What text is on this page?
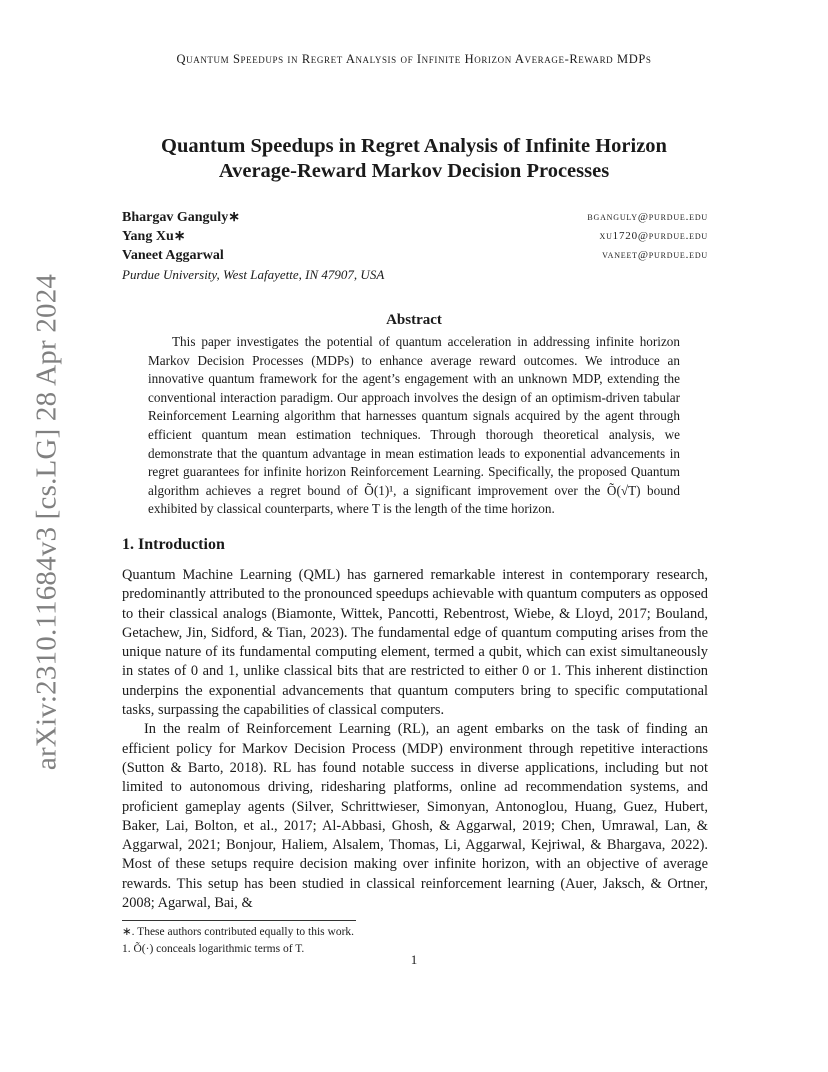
Quantum Speedups in Regret Analysis of Infinite Horizon Average-Reward MDPs
arXiv:2310.11684v3 [cs.LG] 28 Apr 2024
Quantum Speedups in Regret Analysis of Infinite Horizon
Average-Reward Markov Decision Processes
Bhargav Ganguly∗	bganguly@purdue.edu
Yang Xu∗	xu1720@purdue.edu
Vaneet Aggarwal	vaneet@purdue.edu
Purdue University, West Lafayette, IN 47907, USA
Abstract
This paper investigates the potential of quantum acceleration in addressing infinite horizon Markov Decision Processes (MDPs) to enhance average reward outcomes. We introduce an innovative quantum framework for the agent’s engagement with an unknown MDP, extending the conventional interaction paradigm. Our approach involves the design of an optimism-driven tabular Reinforcement Learning algorithm that harnesses quantum signals acquired by the agent through efficient quantum mean estimation techniques. Through thorough theoretical analysis, we demonstrate that the quantum advantage in mean estimation leads to exponential advancements in regret guarantees for infinite horizon Reinforcement Learning. Specifically, the proposed Quantum algorithm achieves a regret bound of Õ(1)¹, a significant improvement over the Õ(√T) bound exhibited by classical counterparts, where T is the length of the time horizon.
1. Introduction

Quantum Machine Learning (QML) has garnered remarkable interest in contemporary research, predominantly attributed to the pronounced speedups achievable with quantum computers as opposed to their classical analogs (Biamonte, Wittek, Pancotti, Rebentrost, Wiebe, & Lloyd, 2017; Bouland, Getachew, Jin, Sidford, & Tian, 2023). The fundamental edge of quantum computing arises from the unique nature of its fundamental computing element, termed a qubit, which can exist simultaneously in states of 0 and 1, unlike classical bits that are restricted to either 0 or 1. This inherent distinction underpins the exponential advancements that quantum computers bring to specific computational tasks, surpassing the capabilities of classical computers.

In the realm of Reinforcement Learning (RL), an agent embarks on the task of finding an efficient policy for Markov Decision Process (MDP) environment through repetitive interactions (Sutton & Barto, 2018). RL has found notable success in diverse applications, including but not limited to autonomous driving, ridesharing platforms, online ad recommendation systems, and proficient gameplay agents (Silver, Schrittwieser, Simonyan, Antonoglou, Huang, Guez, Hubert, Baker, Lai, Bolton, et al., 2017; Al-Abbasi, Ghosh, & Aggarwal, 2019; Chen, Umrawal, Lan, & Aggarwal, 2021; Bonjour, Haliem, Alsalem, Thomas, Li, Aggarwal, Kejriwal, & Bhargava, 2022). Most of these setups require decision making over infinite horizon, with an objective of average rewards. This setup has been studied in classical reinforcement learning (Auer, Jaksch, & Ortner, 2008; Agarwal, Bai, &

∗. These authors contributed equally to this work.
1. Õ(·) conceals logarithmic terms of T.
1
